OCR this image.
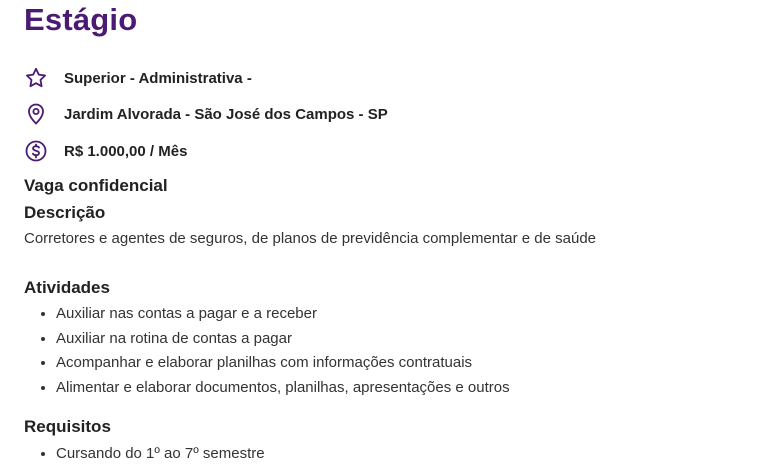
Estágio
Superior - Administrativa -
Jardim Alvorada - São José dos Campos - SP
R$ 1.000,00 / Mês
Vaga confidencial
Descrição

Corretores e agentes de seguros, de planos de previdência complementar e de saúde

Atividades
• Auxiliar nas contas a pagar e a receber
• Auxiliar na rotina de contas a pagar
• Acompanhar e elaborar planilhas com informações contratuais
• Alimentar e elaborar documentos, planilhas, apresentações e outros
Requisitos
• Cursando do 1º ao 7º semestre
